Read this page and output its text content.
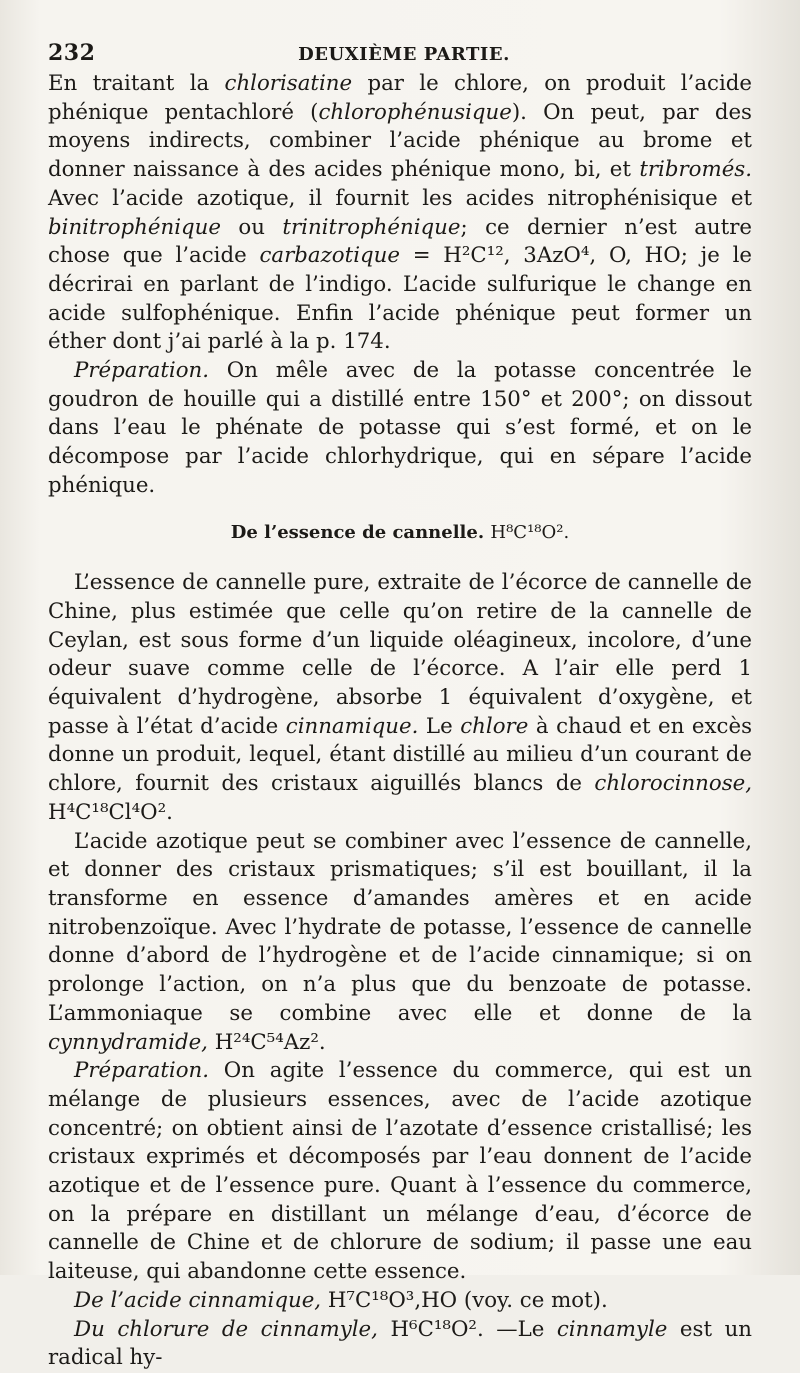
232	DEUXIÈME PARTIE.

En traitant la chlorisatine par le chlore, on produit l’acide phénique pentachloré (chlorophénusique). On peut, par des moyens indirects, combiner l’acide phénique au brome et donner naissance à des acides phénique mono, bi, et tribromés. Avec l’acide azotique, il fournit les acides nitrophénisique et binitrophénique ou trinitrophénique; ce dernier n’est autre chose que l’acide carbazotique = H²C¹², 3AzO⁴, O, HO; je le décrirai en parlant de l’indigo. L’acide sulfurique le change en acide sulfophénique. Enfin l’acide phénique peut former un éther dont j’ai parlé à la p. 174.

Préparation. On mêle avec de la potasse concentrée le goudron de houille qui a distillé entre 150° et 200°; on dissout dans l’eau le phénate de potasse qui s’est formé, et on le décompose par l’acide chlorhydrique, qui en sépare l’acide phénique.

De l’essence de cannelle. H⁸C¹⁸O².

L’essence de cannelle pure, extraite de l’écorce de cannelle de Chine, plus estimée que celle qu’on retire de la cannelle de Ceylan, est sous forme d’un liquide oléagineux, incolore, d’une odeur suave comme celle de l’écorce. A l’air elle perd 1 équivalent d’hydrogène, absorbe 1 équivalent d’oxygène, et passe à l’état d’acide cinnamique. Le chlore à chaud et en excès donne un produit, lequel, étant distillé au milieu d’un courant de chlore, fournit des cristaux aiguillés blancs de chlorocinnose, H⁴C¹⁸Cl⁴O².

L’acide azotique peut se combiner avec l’essence de cannelle, et donner des cristaux prismatiques; s’il est bouillant, il la transforme en essence d’amandes amères et en acide nitrobenzoïque. Avec l’hydrate de potasse, l’essence de cannelle donne d’abord de l’hydrogène et de l’acide cinnamique; si on prolonge l’action, on n’a plus que du benzoate de potasse. L’ammoniaque se combine avec elle et donne de la cynnydramide, H²⁴C⁵⁴Az².

Préparation. On agite l’essence du commerce, qui est un mélange de plusieurs essences, avec de l’acide azotique concentré; on obtient ainsi de l’azotate d’essence cristallisé; les cristaux exprimés et décomposés par l’eau donnent de l’acide azotique et de l’essence pure. Quant à l’essence du commerce, on la prépare en distillant un mélange d’eau, d’écorce de cannelle de Chine et de chlorure de sodium; il passe une eau laiteuse, qui abandonne cette essence.

De l’acide cinnamique, H⁷C¹⁸O³,HO (voy. ce mot).

Du chlorure de cinnamyle, H⁶C¹⁸O². —Le cinnamyle est un radical hy-
